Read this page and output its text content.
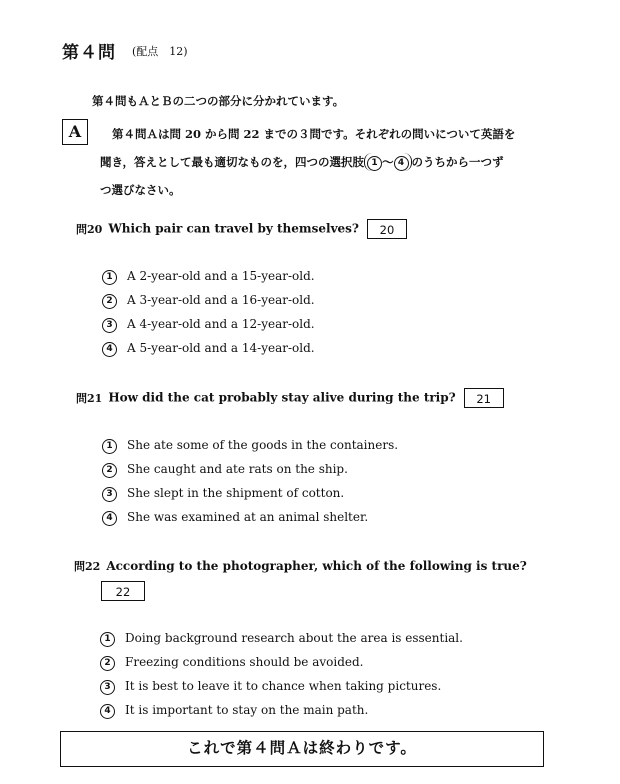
第４問 (配点　12)
第４問もＡとＢの二つの部分に分かれています。
A	第４問Ａは問 20 から問 22 までの３問です。それぞれの問いについて英語を
聞き，答えとして最も適切なものを，四つの選択肢 1 ～ 4 のうちから一つず
つ選びなさい。
問20 Which pair can travel by themselves? 20
1 A 2-year-old and a 15-year-old.
2 A 3-year-old and a 16-year-old.
3 A 4-year-old and a 12-year-old.
4 A 5-year-old and a 14-year-old.
問21 How did the cat probably stay alive during the trip? 21
1 She ate some of the goods in the containers.
2 She caught and ate rats on the ship.
3 She slept in the shipment of cotton.
4 She was examined at an animal shelter.
問22 According to the photographer, which of the following is true?
22
1 Doing background research about the area is essential.
2 Freezing conditions should be avoided.
3 It is best to leave it to chance when taking pictures.
4 It is important to stay on the main path.
これで第４問Ａは終わりです。
